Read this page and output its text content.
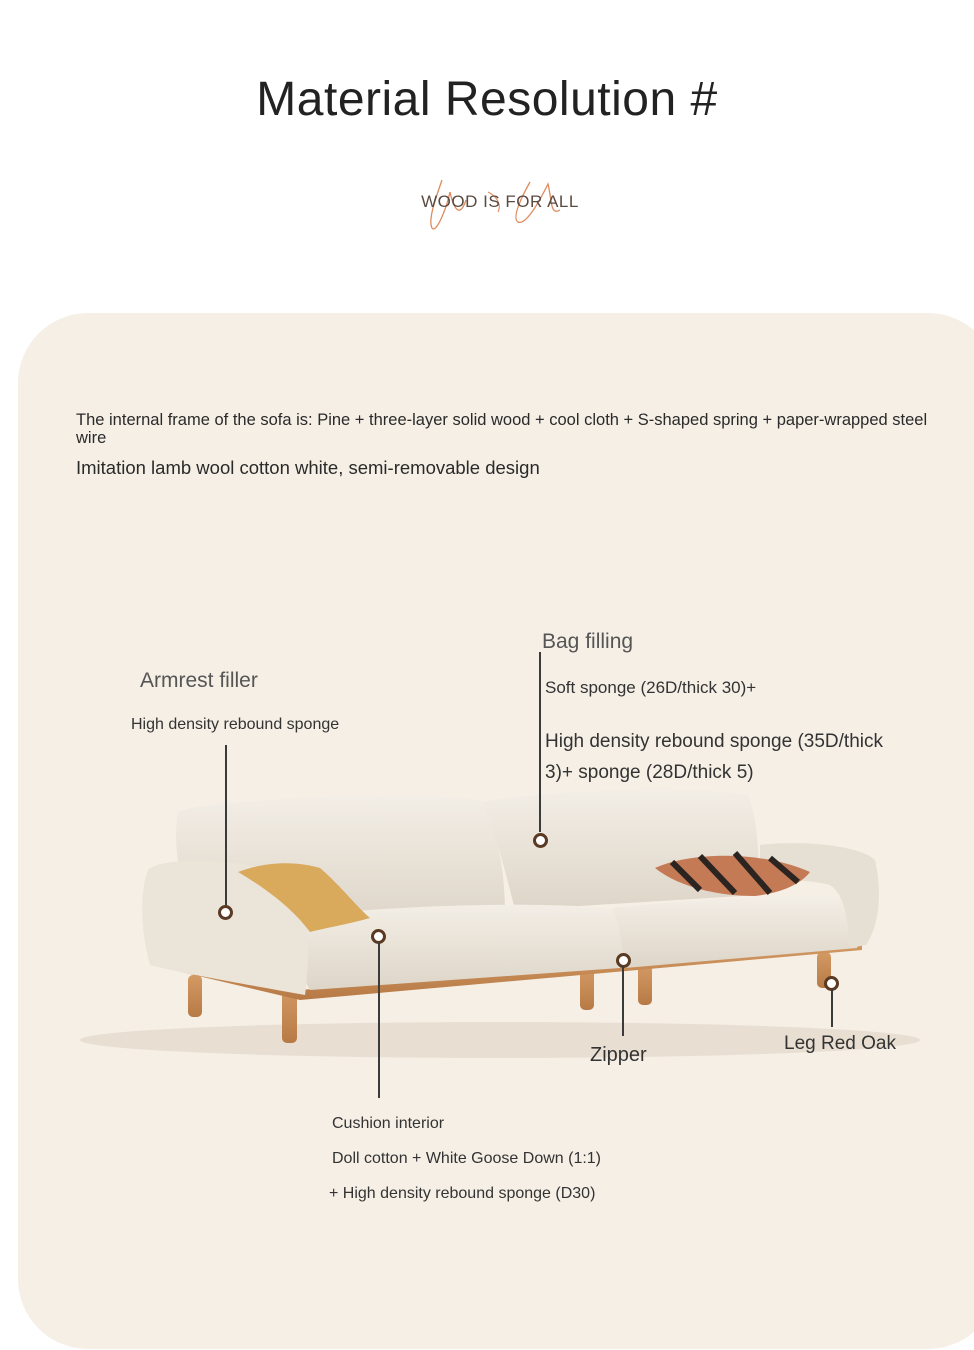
Material Resolution #
WOOD IS FOR ALL
The internal frame of the sofa is: Pine + three-layer solid wood + cool cloth + S-shaped spring + paper-wrapped steel wire
Imitation lamb wool cotton white, semi-removable design
Armrest filler
High density rebound sponge
Bag filling
Soft sponge (26D/thick 30)+
High density rebound sponge (35D/thick
3)+ sponge (28D/thick 5)
Zipper
Leg Red Oak
Cushion interior
Doll cotton + White Goose Down (1:1)
+ High density rebound sponge (D30)
